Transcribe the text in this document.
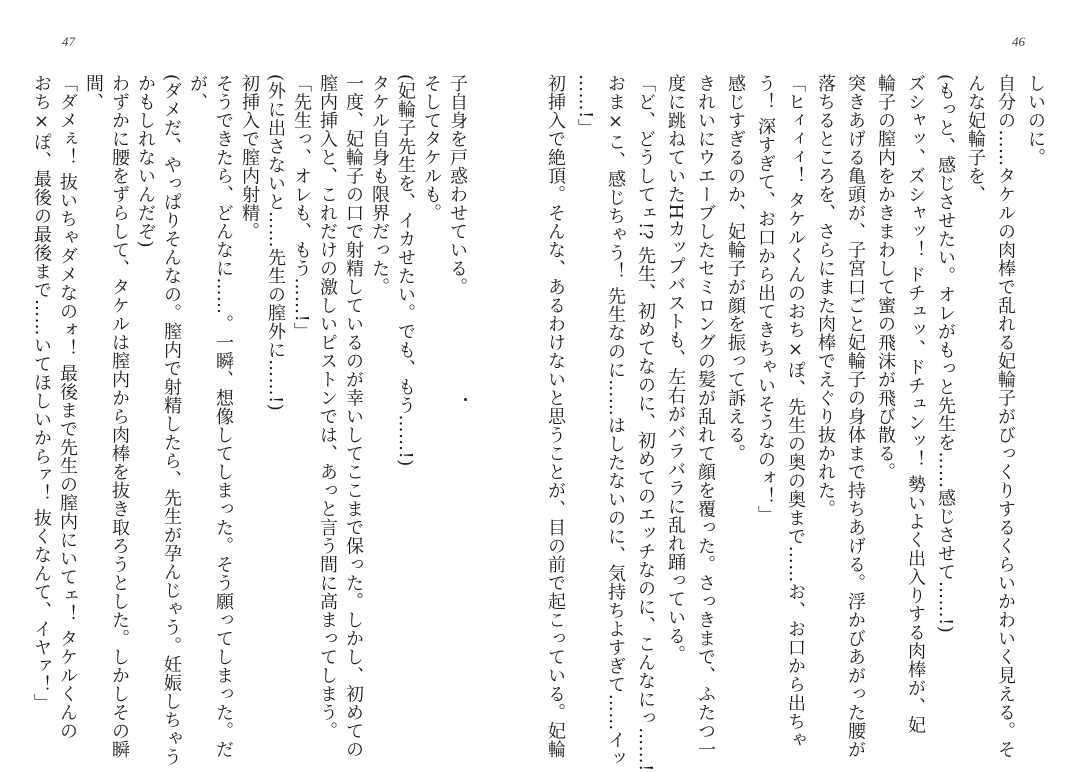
47	46
しいのに。
自分の……タケルの肉棒で乱れる妃輪子がびっくりするくらいかわいく見える。そ
んな妃輪子を、
(もっと、感じさせたい。オレがもっと先生を……感じさせて……!)
ズシャッ、ズシャッ！ ドチュッ、ドチュンッ！ 勢いよく出入りする肉棒が、妃
輪子の膣内をかきまわして蜜の飛沫が飛び散る。
突きあげる亀頭が、子宮口ごと妃輪子の身体まで持ちあげる。浮かびあがった腰が
落ちるところを、さらにまた肉棒でえぐり抜かれた。
「ヒィィィ！ タケルくんのおち×ぽ、先生の奥の奥まで……お、お口から出ちゃ
う！ 深すぎて、お口から出てきちゃいそうなのォ！」
感じすぎるのか、妃輪子が顔を振って訴える。
きれいにウエーブしたセミロングの髪が乱れて顔を覆った。さっきまで、ふたつ一
度に跳ねていたHカップバストも、左右がバラバラに乱れ踊っている。
「ど、どうしてェ!? 先生、初めてなのに、初めてのエッチなのに、こんなにっ……!
おま×こ、感じちゃう！ 先生なのに……はしたないのに、気持ちよすぎて……イッ
……!」
初挿入で絶頂。そんな、あるわけないと思うことが、目の前で起こっている。妃輪
子自身を戸惑わせている。
そしてタケルも。
(妃輪子先生を、イカせたい。でも、もう……!)
タケル自身も限界だった。
一度、妃輪子の口で射精しているのが幸いしてここまで保った。しかし、初めての
膣内挿入と、これだけの激しいピストンでは、あっと言う間に高まってしまう。
「先生っ、オレも、もう……!」
(外に出さないと……先生の膣外に……!)
初挿入で膣内射精。
そうできたら、どんなに……。一瞬、想像してしまった。そう願ってしまった。だ
が、
(ダメだ、やっぱりそんなの。膣内で射精したら、先生が孕んじゃう。妊娠しちゃう
かもしれないんだぞ)
わずかに腰をずらして、タケルは膣内から肉棒を抜き取ろうとした。しかしその瞬
間、
「ダメぇ！ 抜いちゃダメなのォ！ 最後まで先生の膣内にいてェ！ タケルくんの
おち×ぽ、最後の最後まで……いてほしいからァ！ 抜くなんて、イヤァ！」
